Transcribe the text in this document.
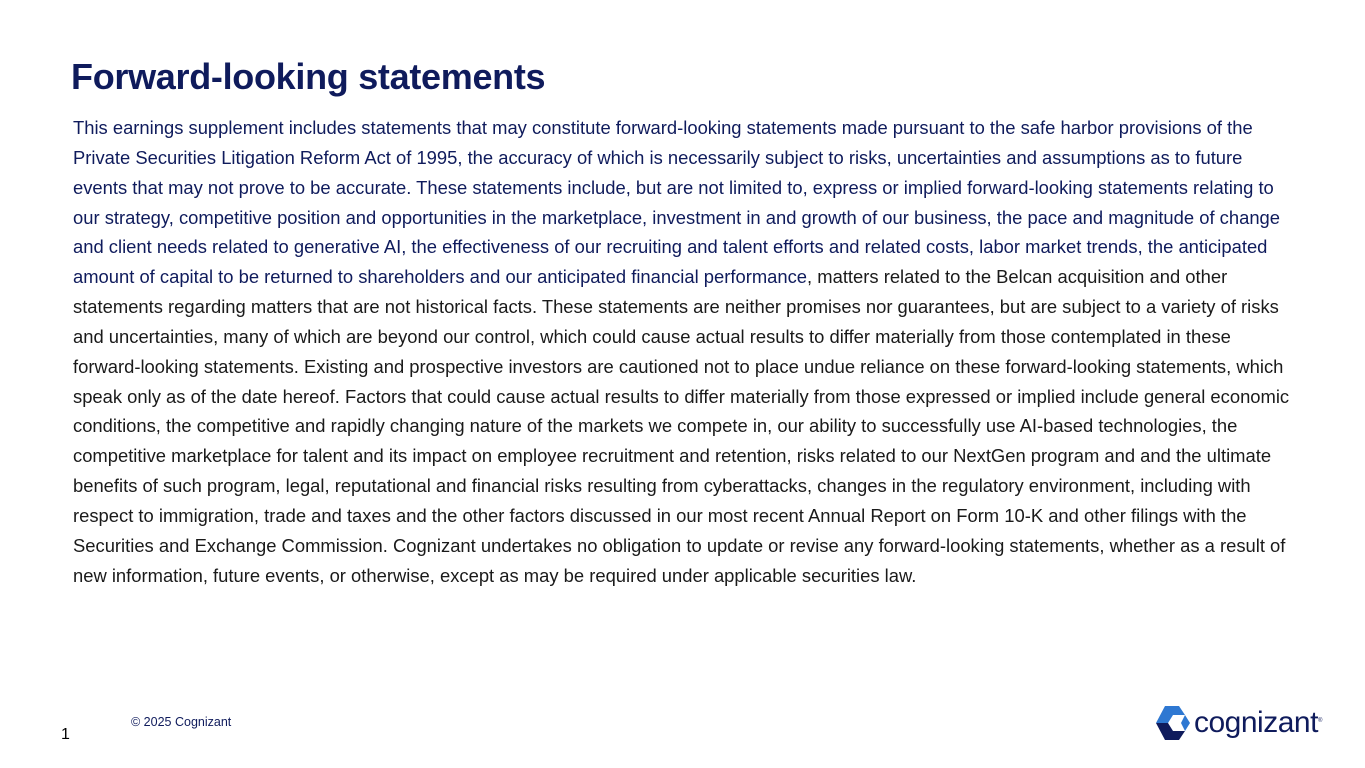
Forward-looking statements

This earnings supplement includes statements that may constitute forward-looking statements made pursuant to the safe harbor provisions of the Private Securities Litigation Reform Act of 1995, the accuracy of which is necessarily subject to risks, uncertainties and assumptions as to future events that may not prove to be accurate. These statements include, but are not limited to, express or implied forward-looking statements relating to our strategy, competitive position and opportunities in the marketplace, investment in and growth of our business, the pace and magnitude of change and client needs related to generative AI, the effectiveness of our recruiting and talent efforts and related costs, labor market trends, the anticipated amount of capital to be returned to shareholders and our anticipated financial performance, matters related to the Belcan acquisition and other statements regarding matters that are not historical facts. These statements are neither promises nor guarantees, but are subject to a variety of risks and uncertainties, many of which are beyond our control, which could cause actual results to differ materially from those contemplated in these forward-looking statements. Existing and prospective investors are cautioned not to place undue reliance on these forward-looking statements, which speak only as of the date hereof. Factors that could cause actual results to differ materially from those expressed or implied include general economic conditions, the competitive and rapidly changing nature of the markets we compete in, our ability to successfully use AI-based technologies, the competitive marketplace for talent and its impact on employee recruitment and retention, risks related to our NextGen program and and the ultimate benefits of such program, legal, reputational and financial risks resulting from cyberattacks, changes in the regulatory environment, including with respect to immigration, trade and taxes and the other factors discussed in our most recent Annual Report on Form 10-K and other filings with the Securities and Exchange Commission. Cognizant undertakes no obligation to update or revise any forward-looking statements, whether as a result of new information, future events, or otherwise, except as may be required under applicable securities law.

1
© 2025 Cognizant	cognizant®
